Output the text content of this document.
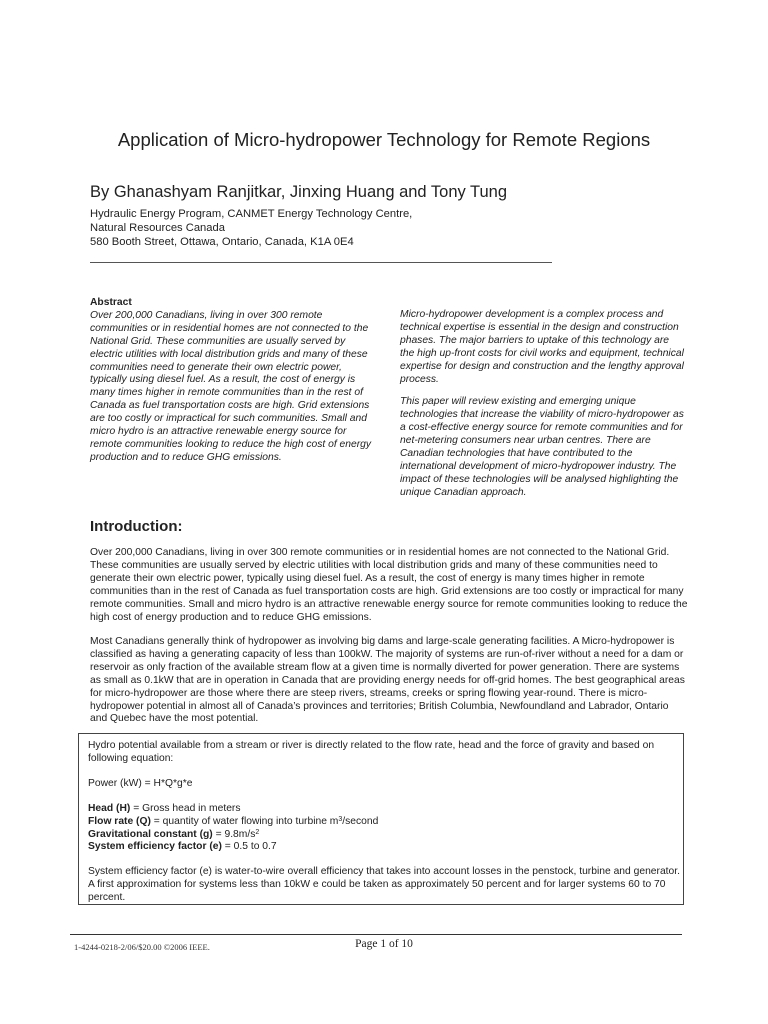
Application of Micro-hydropower Technology for Remote Regions
By Ghanashyam Ranjitkar, Jinxing Huang and Tony Tung
Hydraulic Energy Program, CANMET Energy Technology Centre,
Natural Resources Canada
580 Booth Street, Ottawa, Ontario, Canada, K1A 0E4
Abstract
Over 200,000 Canadians, living in over 300 remote communities or in residential homes are not connected to the National Grid. These communities are usually served by electric utilities with local distribution grids and many of these communities need to generate their own electric power, typically using diesel fuel. As a result, the cost of energy is many times higher in remote communities than in the rest of Canada as fuel transportation costs are high. Grid extensions are too costly or impractical for such communities. Small and micro hydro is an attractive renewable energy source for remote communities looking to reduce the high cost of energy production and to reduce GHG emissions.

Micro-hydropower development is a complex process and technical expertise is essential in the design and construction phases. The major barriers to uptake of this technology are the high up-front costs for civil works and equipment, technical expertise for design and construction and the lengthy approval process.

This paper will review existing and emerging unique technologies that increase the viability of micro-hydropower as a cost-effective energy source for remote communities and for net-metering consumers near urban centres. There are Canadian technologies that have contributed to the international development of micro-hydropower industry. The impact of these technologies will be analysed highlighting the unique Canadian approach.

Introduction:
Over 200,000 Canadians, living in over 300 remote communities or in residential homes are not connected to the National Grid. These communities are usually served by electric utilities with local distribution grids and many of these communities need to generate their own electric power, typically using diesel fuel. As a result, the cost of energy is many times higher in remote communities than in the rest of Canada as fuel transportation costs are high. Grid extensions are too costly or impractical for many remote communities. Small and micro hydro is an attractive renewable energy source for remote communities looking to reduce the high cost of energy production and to reduce GHG emissions.
Most Canadians generally think of hydropower as involving big dams and large-scale generating facilities. A Micro-hydropower is classified as having a generating capacity of less than 100kW. The majority of systems are run-of-river without a need for a dam or reservoir as only fraction of the available stream flow at a given time is normally diverted for power generation. There are systems as small as 0.1kW that are in operation in Canada that are providing energy needs for off-grid homes. The best geographical areas for micro-hydropower are those where there are steep rivers, streams, creeks or spring flowing year-round. There is micro-hydropower potential in almost all of Canada’s provinces and territories; British Columbia, Newfoundland and Labrador, Ontario and Quebec have the most potential.

Hydro potential available from a stream or river is directly related to the flow rate, head and the force of gravity and based on following equation:

Power (kW) = H*Q*g*e

Head (H) = Gross head in meters

Flow rate (Q) = quantity of water flowing into turbine $m^3$/second

Gravitational constant $(g) = 9.8m/s^2$

System efficiency factor (e) = 0.5 to 0.7

System efficiency factor (e) is water-to-wire overall efficiency that takes into account losses in the penstock, turbine and generator. A first approximation for systems less than 10kW e could be taken as approximately 50 percent and for larger systems 60 to 70 percent.

1-4244-0218-2/06/$20.00 ©2006 IEEE.	Page 1 of 10
